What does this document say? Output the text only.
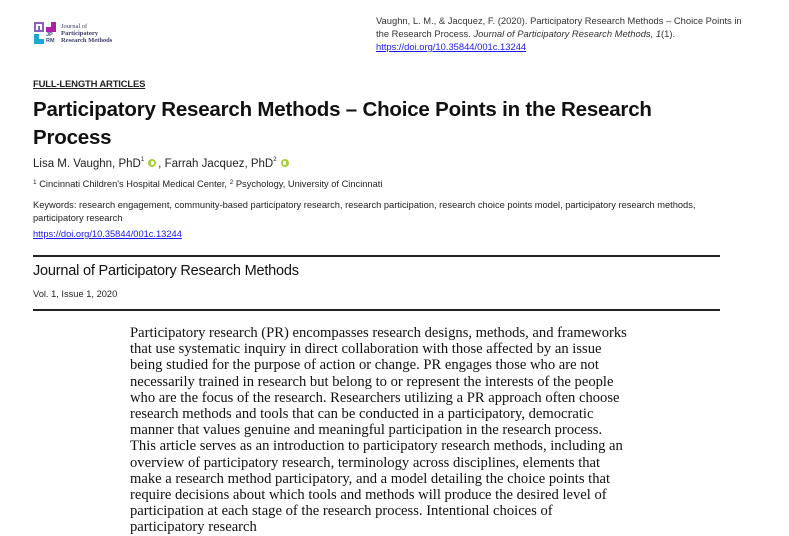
JP RM
Journal of
Participatory
Research Methods
Vaughn, L. M., & Jacquez, F. (2020). Participatory Research Methods – Choice Points in the Research Process. Journal of Participatory Research Methods, 1(1).
https://doi.org/10.35844/001c.13244
FULL-LENGTH ARTICLES
Participatory Research Methods – Choice Points in the Research Process
Lisa M. Vaughn, PhD$^1$ , Farrah Jacquez, PhD$^2$
$^1$ Cincinnati Children's Hospital Medical Center, $^2$ Psychology, University of Cincinnati
Keywords: research engagement, community-based participatory research, research participation, research choice points model, participatory research methods, participatory research
https://doi.org/10.35844/001c.13244
Journal of Participatory Research Methods
Vol. 1, Issue 1, 2020

Participatory research (PR) encompasses research designs, methods, and frameworks that use systematic inquiry in direct collaboration with those affected by an issue being studied for the purpose of action or change. PR engages those who are not necessarily trained in research but belong to or represent the interests of the people who are the focus of the research. Researchers utilizing a PR approach often choose research methods and tools that can be conducted in a participatory, democratic manner that values genuine and meaningful participation in the research process. This article serves as an introduction to participatory research methods, including an overview of participatory research, terminology across disciplines, elements that make a research method participatory, and a model detailing the choice points that require decisions about which tools and methods will produce the desired level of participation at each stage of the research process. Intentional choices of participatory research
